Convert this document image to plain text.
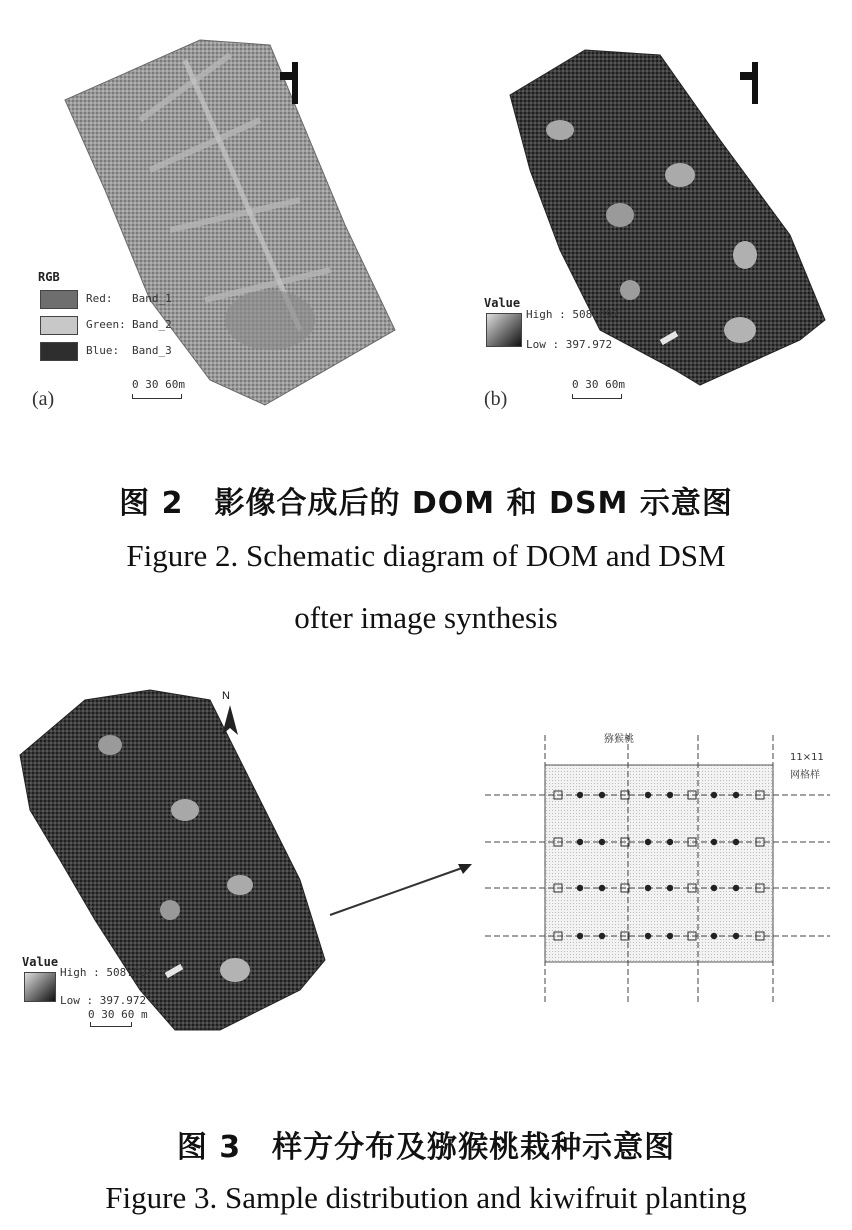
RGB
Red: Band_1
Green: Band_2
Blue: Band_3
(a)
0 30 60m
Value
High : 508.897
Low : 397.972
(b)
0 30 60m
图 2　影像合成后的 DOM 和 DSM 示意图
Figure 2. Schematic diagram of DOM and DSM
ofter image synthesis
Value
High : 508.897
Low : 397.972
0 30 60 m
猕猴桃
11×11
网格样
N
图 3　样方分布及猕猴桃栽种示意图
Figure 3. Sample distribution and kiwifruit planting
